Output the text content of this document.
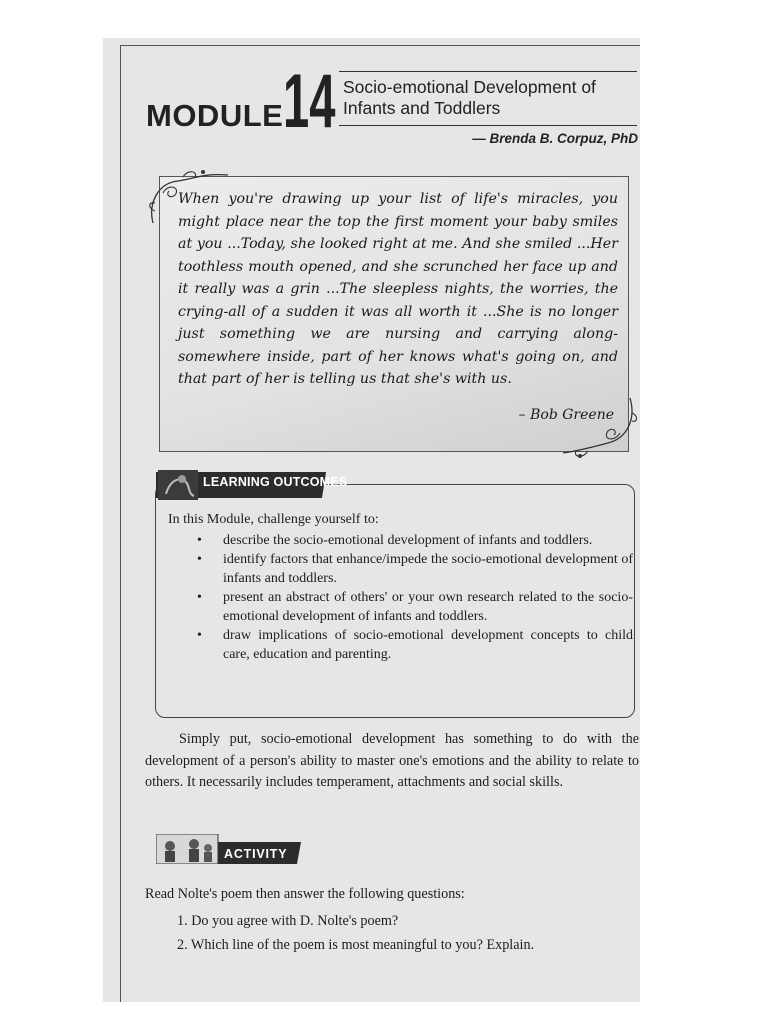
MODULE 14 Socio-emotional Development of
Infants and Toddlers
— Brenda B. Corpuz, PhD
When you're drawing up your list of life's miracles, you might place near the top the first moment your baby smiles at you ...Today, she looked right at me. And she smiled ...Her toothless mouth opened, and she scrunched her face up and it really was a grin ...The sleepless nights, the worries, the crying-all of a sudden it was all worth it ...She is no longer just something we are nursing and carrying along-somewhere inside, part of her knows what's going on, and that part of her is telling us that she's with us.
– Bob Greene
LEARNING OUTCOMES
In this Module, challenge yourself to:
• describe the socio-emotional development of infants and toddlers.
• identify factors that enhance/impede the socio-emotional development of infants and toddlers.
• present an abstract of others' or your own research related to the socio-emotional development of infants and toddlers.
• draw implications of socio-emotional development concepts to child care, education and parenting.
Simply put, socio-emotional development has something to do with the development of a person's ability to master one's emotions and the ability to relate to others. It necessarily includes temperament, attachments and social skills.
ACTIVITY
Read Nolte's poem then answer the following questions:
1. Do you agree with D. Nolte's poem?
2. Which line of the poem is most meaningful to you? Explain.
